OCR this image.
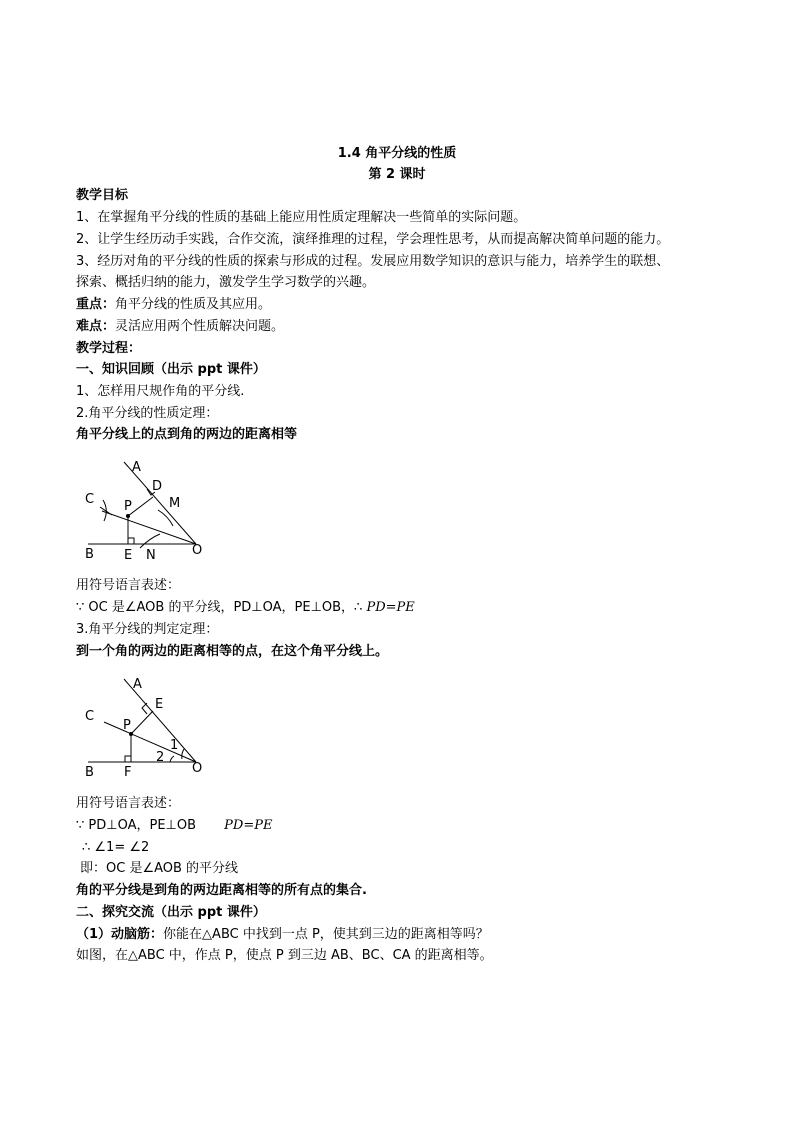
1.4 角平分线的性质
第 2 课时
教学目标
1、在掌握角平分线的性质的基础上能应用性质定理解决一些简单的实际问题。
2、让学生经历动手实践，合作交流，演绎推理的过程，学会理性思考，从而提高解决简单问题的能力。
3、经历对角的平分线的性质的探索与形成的过程。发展应用数学知识的意识与能力，培养学生的联想、
探索、概括归纳的能力，激发学生学习数学的兴趣。
重点：角平分线的性质及其应用。
难点：灵活应用两个性质解决问题。
教学过程：
一、知识回顾（出示 ppt 课件）
1、怎样用尺规作角的平分线.
2.角平分线的性质定理：
角平分线上的点到角的两边的距离相等
A
D
C	M
P
B E N	O
用符号语言表述：
∵ OC 是∠AOB 的平分线，PD⊥OA，PE⊥OB，∴ PD=PE
3.角平分线的判定定理：
到一个角的两边的距离相等的点，在这个角平分线上。
A
E
C
P
1
2
B F	O
用符号语言表述：
∵ PD⊥OA，PE⊥OB PD=PE
∴ ∠1= ∠2
即：OC 是∠AOB 的平分线
角的平分线是到角的两边距离相等的所有点的集合.
二、探究交流（出示 ppt 课件）
（1）动脑筋：你能在△ABC 中找到一点 P，使其到三边的距离相等吗？
如图，在△ABC 中，作点 P，使点 P 到三边 AB、BC、CA 的距离相等。
